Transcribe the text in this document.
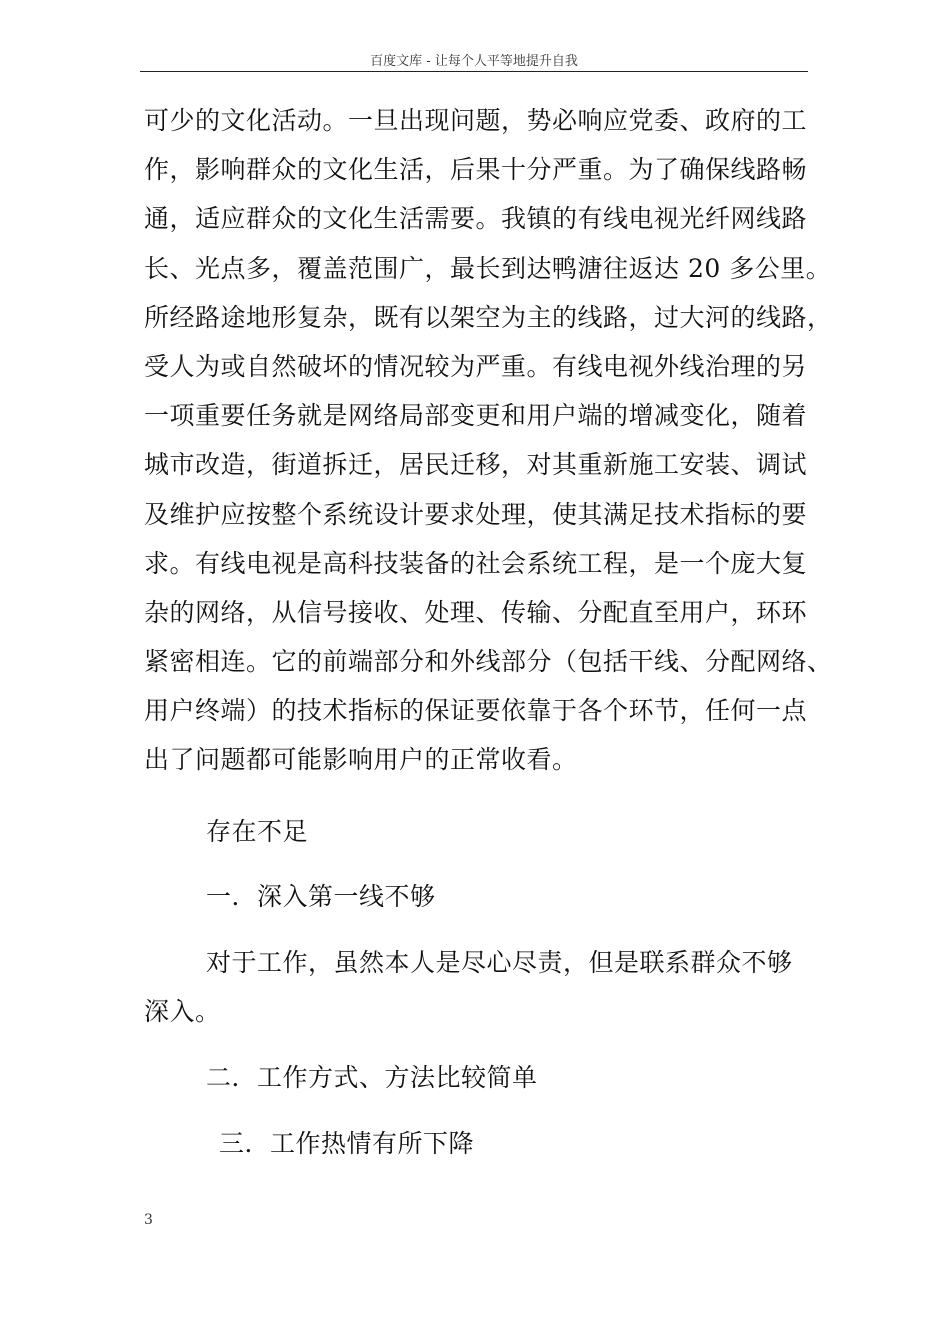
百度文库 - 让每个人平等地提升自我
可少的文化活动。一旦出现问题，势必响应党委、政府的工
作，影响群众的文化生活，后果十分严重。为了确保线路畅
通，适应群众的文化生活需要。我镇的有线电视光纤网线路
长、光点多，覆盖范围广，最长到达鸭溏往返达 20 多公里。
所经路途地形复杂，既有以架空为主的线路，过大河的线路，
受人为或自然破坏的情况较为严重。有线电视外线治理的另
一项重要任务就是网络局部变更和用户端的增减变化，随着
城市改造，街道拆迁，居民迁移，对其重新施工安装、调试
及维护应按整个系统设计要求处理，使其满足技术指标的要
求。有线电视是高科技装备的社会系统工程，是一个庞大复
杂的网络，从信号接收、处理、传输、分配直至用户，环环
紧密相连。它的前端部分和外线部分（包括干线、分配网络、
用户终端）的技术指标的保证要依靠于各个环节，任何一点
出了问题都可能影响用户的正常收看。
存在不足
一．深入第一线不够
对于工作，虽然本人是尽心尽责，但是联系群众不够
深入。
二．工作方式、方法比较简单
三．工作热情有所下降
3
